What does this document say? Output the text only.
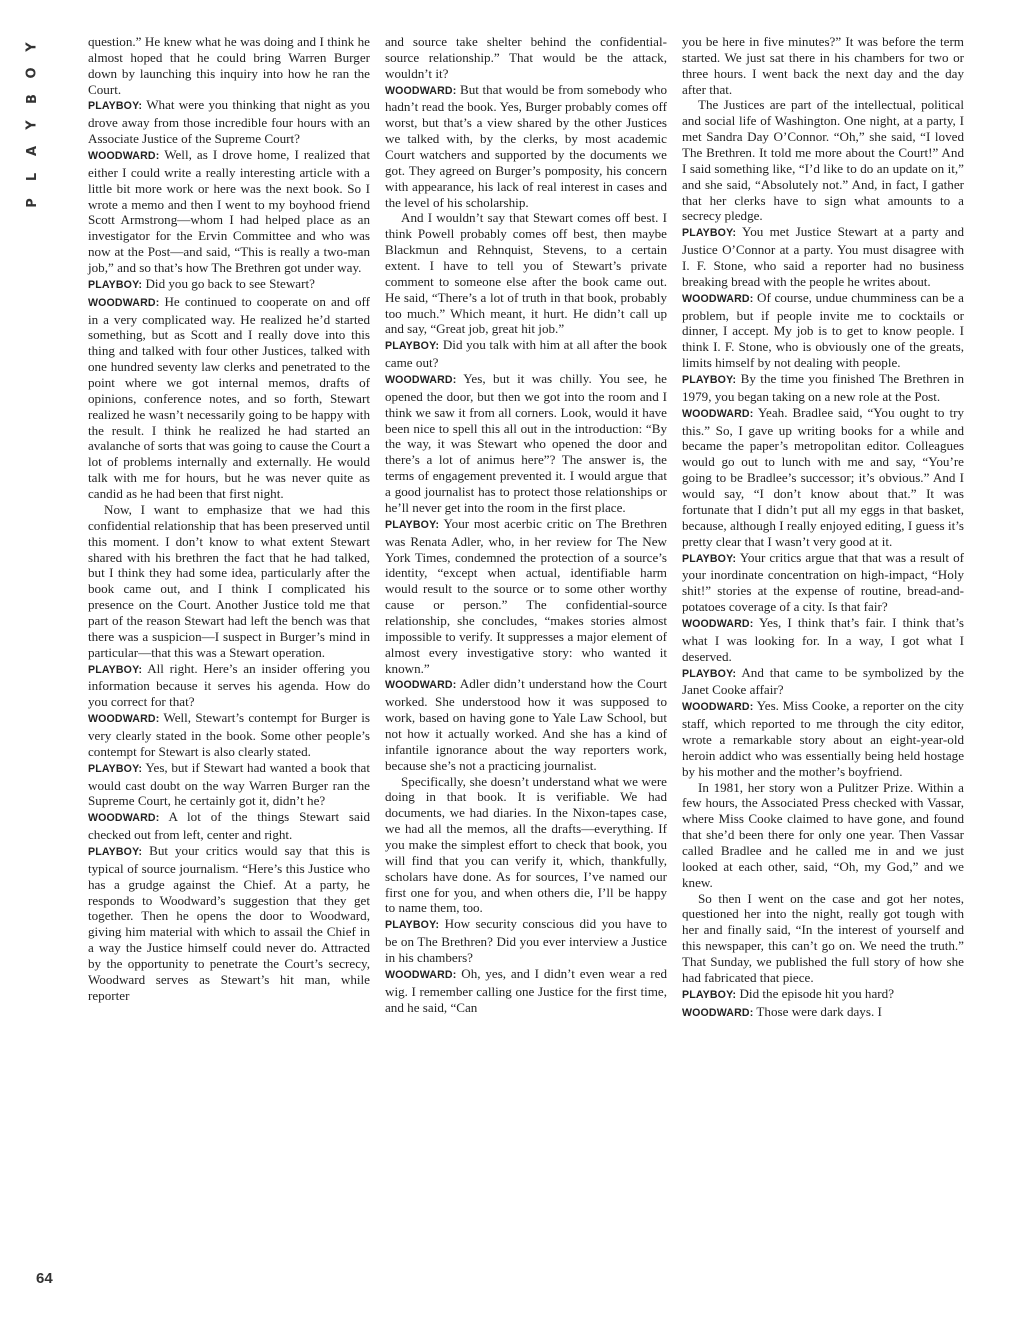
Y
O
B
Y
A
L
P

question.” He knew what he was doing and I think he almost hoped that he could bring Warren Burger down by launching this inquiry into how he ran the Court.

PLAYBOY: What were you thinking that night as you drove away from those incredible four hours with an Associate Justice of the Supreme Court?

WOODWARD: Well, as I drove home, I realized that either I could write a really interesting article with a little bit more work or here was the next book. So I wrote a memo and then I went to my boyhood friend Scott Armstrong—whom I had helped place as an investigator for the Ervin Committee and who was now at the Post—and said, “This is really a two-man job,” and so that’s how The Brethren got under way.

PLAYBOY: Did you go back to see Stewart?

WOODWARD: He continued to cooperate on and off in a very complicated way. He realized he’d started something, but as Scott and I really dove into this thing and talked with four other Justices, talked with one hundred seventy law clerks and penetrated to the point where we got internal memos, drafts of opinions, conference notes, and so forth, Stewart realized he wasn’t necessarily going to be happy with the result. I think he realized he had started an avalanche of sorts that was going to cause the Court a lot of problems internally and externally. He would talk with me for hours, but he was never quite as candid as he had been that first night.

Now, I want to emphasize that we had this confidential relationship that has been preserved until this moment. I don’t know to what extent Stewart shared with his brethren the fact that he had talked, but I think they had some idea, particularly after the book came out, and I think I complicated his presence on the Court. Another Justice told me that part of the reason Stewart had left the bench was that there was a suspicion—I suspect in Burger’s mind in particular—that this was a Stewart operation.

PLAYBOY: All right. Here’s an insider offering you information because it serves his agenda. How do you correct for that?

WOODWARD: Well, Stewart’s contempt for Burger is very clearly stated in the book. Some other people’s contempt for Stewart is also clearly stated.

PLAYBOY: Yes, but if Stewart had wanted a book that would cast doubt on the way Warren Burger ran the Supreme Court, he certainly got it, didn’t he?

WOODWARD: A lot of the things Stewart said checked out from left, center and right.

PLAYBOY: But your critics would say that this is typical of source journalism. “Here’s this Justice who has a grudge against the Chief. At a party, he responds to Woodward’s suggestion that they get together. Then he opens the door to Woodward, giving him material with which to assail the Chief in a way the Justice himself could never do. Attracted by the opportunity to penetrate the Court’s secrecy, Woodward serves as Stewart’s hit man, while reporter

and source take shelter behind the confidential-source relationship.” That would be the attack, wouldn’t it?

WOODWARD: But that would be from somebody who hadn’t read the book. Yes, Burger probably comes off worst, but that’s a view shared by the other Justices we talked with, by the clerks, by most academic Court watchers and supported by the documents we got. They agreed on Burger’s pomposity, his concern with appearance, his lack of real interest in cases and the level of his scholarship.

And I wouldn’t say that Stewart comes off best. I think Powell probably comes off best, then maybe Blackmun and Rehnquist, Stevens, to a certain extent. I have to tell you of Stewart’s private comment to someone else after the book came out. He said, “There’s a lot of truth in that book, probably too much.” Which meant, it hurt. He didn’t call up and say, “Great job, great hit job.”

PLAYBOY: Did you talk with him at all after the book came out?

WOODWARD: Yes, but it was chilly. You see, he opened the door, but then we got into the room and I think we saw it from all corners. Look, would it have been nice to spell this all out in the introduction: “By the way, it was Stewart who opened the door and there’s a lot of animus here”? The answer is, the terms of engagement prevented it. I would argue that a good journalist has to protect those relationships or he’ll never get into the room in the first place.

PLAYBOY: Your most acerbic critic on The Brethren was Renata Adler, who, in her review for The New York Times, condemned the protection of a source’s identity, “except when actual, identifiable harm would result to the source or to some other worthy cause or person.” The confidential-source relationship, she concludes, “makes stories almost impossible to verify. It suppresses a major element of almost every investigative story: who wanted it known.”

WOODWARD: Adler didn’t understand how the Court worked. She understood how it was supposed to work, based on having gone to Yale Law School, but not how it actually worked. And she has a kind of infantile ignorance about the way reporters work, because she’s not a practicing journalist.

Specifically, she doesn’t understand what we were doing in that book. It is verifiable. We had documents, we had diaries. In the Nixon-tapes case, we had all the memos, all the drafts—everything. If you make the simplest effort to check that book, you will find that you can verify it, which, thankfully, scholars have done. As for sources, I’ve named our first one for you, and when others die, I’ll be happy to name them, too.

PLAYBOY: How security conscious did you have to be on The Brethren? Did you ever interview a Justice in his chambers?

WOODWARD: Oh, yes, and I didn’t even wear a red wig. I remember calling one Justice for the first time, and he said, “Can

you be here in five minutes?” It was before the term started. We just sat there in his chambers for two or three hours. I went back the next day and the day after that.

The Justices are part of the intellectual, political and social life of Washington. One night, at a party, I met Sandra Day O’Connor. “Oh,” she said, “I loved The Brethren. It told me more about the Court!” And I said something like, “I’d like to do an update on it,” and she said, “Absolutely not.” And, in fact, I gather that her clerks have to sign what amounts to a secrecy pledge.

PLAYBOY: You met Justice Stewart at a party and Justice O’Connor at a party. You must disagree with I. F. Stone, who said a reporter had no business breaking bread with the people he writes about.

WOODWARD: Of course, undue chumminess can be a problem, but if people invite me to cocktails or dinner, I accept. My job is to get to know people. I think I. F. Stone, who is obviously one of the greats, limits himself by not dealing with people.

PLAYBOY: By the time you finished The Brethren in 1979, you began taking on a new role at the Post.

WOODWARD: Yeah. Bradlee said, “You ought to try this.” So, I gave up writing books for a while and became the paper’s metropolitan editor. Colleagues would go out to lunch with me and say, “You’re going to be Bradlee’s successor; it’s obvious.” And I would say, “I don’t know about that.” It was fortunate that I didn’t put all my eggs in that basket, because, although I really enjoyed editing, I guess it’s pretty clear that I wasn’t very good at it.

PLAYBOY: Your critics argue that that was a result of your inordinate concentration on high-impact, “Holy shit!” stories at the expense of routine, bread-and-potatoes coverage of a city. Is that fair?

WOODWARD: Yes, I think that’s fair. I think that’s what I was looking for. In a way, I got what I deserved.

PLAYBOY: And that came to be symbolized by the Janet Cooke affair?

WOODWARD: Yes. Miss Cooke, a reporter on the city staff, which reported to me through the city editor, wrote a remarkable story about an eight-year-old heroin addict who was essentially being held hostage by his mother and the mother’s boyfriend.

In 1981, her story won a Pulitzer Prize. Within a few hours, the Associated Press checked with Vassar, where Miss Cooke claimed to have gone, and found that she’d been there for only one year. Then Vassar called Bradlee and he called me in and we just looked at each other, said, “Oh, my God,” and we knew.

So then I went on the case and got her notes, questioned her into the night, really got tough with her and finally said, “In the interest of yourself and this newspaper, this can’t go on. We need the truth.” That Sunday, we published the full story of how she had fabricated that piece.

PLAYBOY: Did the episode hit you hard?

WOODWARD: Those were dark days. I

64
